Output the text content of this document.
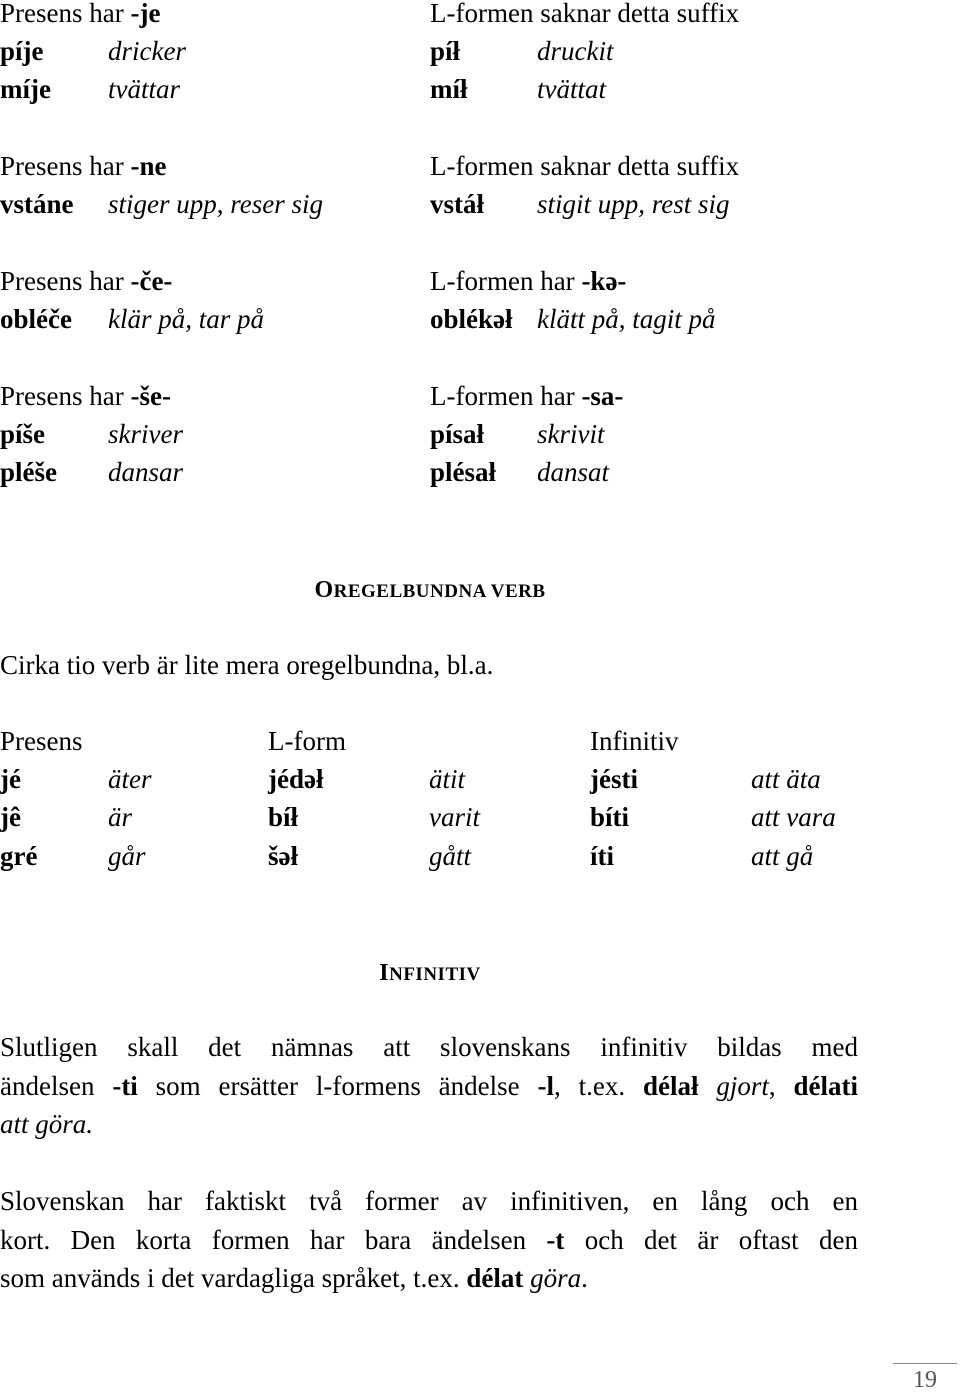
Presens har -je	L-formen saknar detta suffix
píje dricker	píł	druckit
míje tvättar	míł	tvättat
Presens har -ne	L-formen saknar detta suffix
vstáne stiger upp, reser sig	vstáł stigit upp, rest sig
Presens har -če-	L-formen har -kə-
obléče klär på, tar på	oblékəł klätt på, tagit på
Presens har -še-	L-formen har -sa-
píše skriver	písał skrivit
pléše dansar	plésał dansat
OREGELBUNDNA VERB
Cirka tio verb är lite mera oregelbundna, bl.a.
Presens	L-form	Infinitiv
jé	äter	jédəł	ätit	jésti	att äta
jê	är	bíł	varit	bíti	att vara
gré	går	šəł	gått	íti	att gå
INFINITIV
Slutligen skall det nämnas att slovenskans infinitiv bildas med
ändelsen -ti som ersätter l-formens ändelse -l, t.ex. délał gjort, délati
att göra.
Slovenskan har faktiskt två former av infinitiven, en lång och en
kort. Den korta formen har bara ändelsen -t och det är oftast den
som används i det vardagliga språket, t.ex. délat göra.
19
